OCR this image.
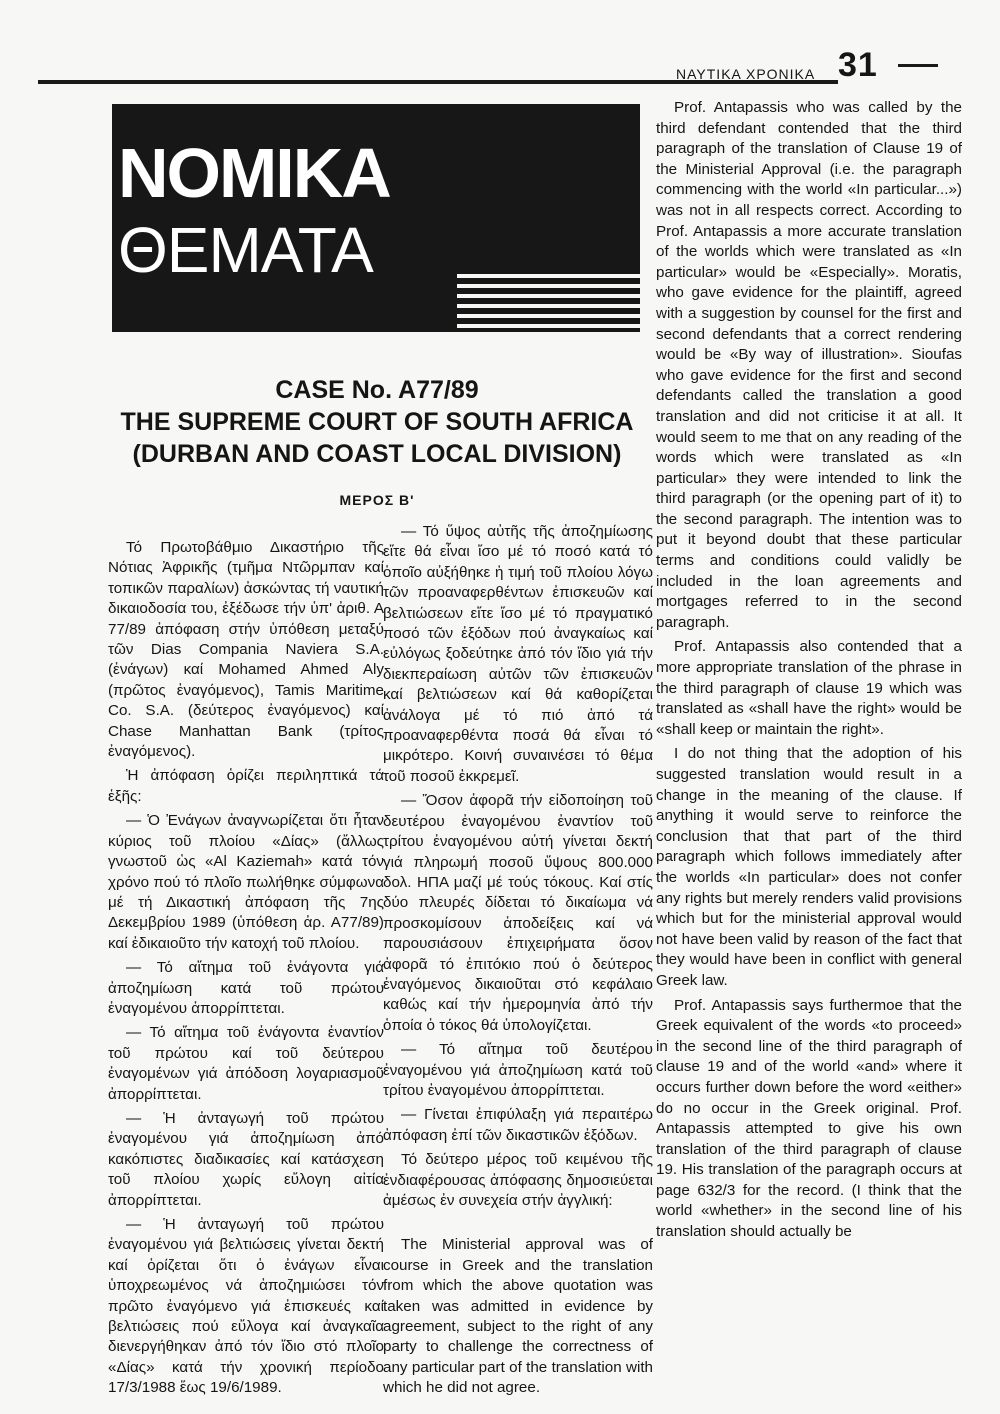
ΝΑΥΤΙΚΑ ΧΡΟΝΙΚΑ 31
ΝΟΜΙΚΑ
ΘΕΜΑΤΑ
CASE No. A77/89
THE SUPREME COURT OF SOUTH AFRICA
(DURBAN AND COAST LOCAL DIVISION)
ΜΕΡΟΣ Β'

Τό Πρωτοβάθμιο Δικαστήριο τῆς Νότιας Ἀφρικῆς (τμῆμα Ντῶρμπαν καί τοπικῶν παραλίων) ἀσκώντας τή ναυτική δικαιοδοσία του, ἐξέδωσε τήν ὑπ' ἀριθ. Α 77/89 ἀπόφαση στήν ὑπόθεση μεταξύ τῶν Dias Compania Naviera S.A. (ἐνάγων) καί Mohamed Ahmed Aly (πρῶτος ἐναγόμενος), Tamis Maritime Co. S.A. (δεύτερος ἐναγόμενος) καί Chase Manhattan Bank (τρίτος ἐναγόμενος).

Ἡ ἀπόφαση ὁρίζει περιληπτικά τά ἑξῆς:

— Ὁ Ἐνάγων ἀναγνωρίζεται ὅτι ἦταν κύριος τοῦ πλοίου «Δίας» (ἄλλως γνωστοῦ ὡς «Al Kaziemah» κατά τόν χρόνο πού τό πλοῖο πωλήθηκε σύμφωνα μέ τή Δικαστική ἀπόφαση τῆς 7ης Δεκεμβρίου 1989 (ὑπόθεση ἀρ. Α77/89) καί ἐδικαιοῦτο τήν κατοχή τοῦ πλοίου.

— Τό αἴτημα τοῦ ἐνάγοντα γιά ἀποζημίωση κατά τοῦ πρώτου ἐναγομένου ἀπορρίπτεται.

— Τό αἴτημα τοῦ ἐνάγοντα ἐναντίον τοῦ πρώτου καί τοῦ δεύτερου ἐναγομένων γιά ἀπόδοση λογαριασμοῦ ἀπορρίπτεται.

— Ἡ ἀνταγωγή τοῦ πρώτου ἐναγομένου γιά ἀποζημίωση ἀπό κακόπιστες διαδικασίες καί κατάσχεση τοῦ πλοίου χωρίς εὔλογη αἰτία ἀπορρίπτεται.

— Ἡ ἀνταγωγή τοῦ πρώτου ἐναγομένου γιά βελτιώσεις γίνεται δεκτή καί ὁρίζεται ὅτι ὁ ἐνάγων εἶναι ὑποχρεωμένος νά ἀποζημιώσει τόν πρῶτο ἐναγόμενο γιά ἐπισκευές καί βελτιώσεις πού εὔλογα καί ἀναγκαῖα διενεργήθηκαν ἀπό τόν ἴδιο στό πλοῖο «Δίας» κατά τήν χρονική περίοδο 17/3/1988 ἕως 19/6/1989.

— Τό ὕψος αὐτῆς τῆς ἀποζημίωσης εἴτε θά εἶναι ἴσο μέ τό ποσό κατά τό ὁποῖο αὐξήθηκε ἡ τιμή τοῦ πλοίου λόγω τῶν προαναφερθέντων ἐπισκευῶν καί βελτιώσεων εἴτε ἴσο μέ τό πραγματικό ποσό τῶν ἐξόδων πού ἀναγκαίως καί εὐλόγως ξοδεύτηκε ἀπό τόν ἴδιο γιά τήν διεκπεραίωση αὐτῶν τῶν ἐπισκευῶν καί βελτιώσεων καί θά καθορίζεται ἀνάλογα μέ τό πιό ἀπό τά προαναφερθέντα ποσά θά εἶναι τό μικρότερο. Κοινή συναινέσει τό θέμα τοῦ ποσοῦ ἐκκρεμεῖ.

— Ὅσον ἀφορᾶ τήν εἰδοποίηση τοῦ δευτέρου ἐναγομένου ἐναντίον τοῦ τρίτου ἐναγομένου αὐτή γίνεται δεκτή γιά πληρωμή ποσοῦ ὕψους 800.000 δολ. ΗΠΑ μαζί μέ τούς τόκους. Καί στίς δύο πλευρές δίδεται τό δικαίωμα νά προσκομίσουν ἀποδείξεις καί νά παρουσιάσουν ἐπιχειρήματα ὅσον ἀφορᾶ τό ἐπιτόκιο πού ὁ δεύτερος ἐναγόμενος δικαιοῦται στό κεφάλαιο καθώς καί τήν ἡμερομηνία ἀπό τήν ὁποία ὁ τόκος θά ὑπολογίζεται.

— Τό αἴτημα τοῦ δευτέρου ἐναγομένου γιά ἀποζημίωση κατά τοῦ τρίτου ἐναγομένου ἀπορρίπτεται.

— Γίνεται ἐπιφύλαξη γιά περαιτέρω ἀπόφαση ἐπί τῶν δικαστικῶν ἐξόδων.

Τό δεύτερο μέρος τοῦ κειμένου τῆς ἐνδιαφέρουσας ἀπόφασης δημοσιεύεται ἀμέσως ἐν συνεχεία στήν ἀγγλική:

The Ministerial approval was of course in Greek and the translation from which the above quotation was taken was admitted in evidence by agreement, subject to the right of any party to challenge the correctness of any particular part of the translation with which he did not agree.

Prof. Antapassis who was called by the third defendant contended that the third paragraph of the translation of Clause 19 of the Ministerial Approval (i.e. the paragraph commencing with the world «In particular...») was not in all respects correct. According to Prof. Antapassis a more accurate translation of the worlds which were translated as «In particular» would be «Especially». Moratis, who gave evidence for the plaintiff, agreed with a suggestion by counsel for the first and second defendants that a correct rendering would be «By way of illustration». Sioufas who gave evidence for the first and second defendants called the translation a good translation and did not criticise it at all. It would seem to me that on any reading of the words which were translated as «In particular» they were intended to link the third paragraph (or the opening part of it) to the second paragraph. The intention was to put it beyond doubt that these particular terms and conditions could validly be included in the loan agreements and mortgages referred to in the second paragraph.

Prof. Antapassis also contended that a more appropriate translation of the phrase in the third paragraph of clause 19 which was translated as «shall have the right» would be «shall keep or maintain the right».

I do not thing that the adoption of his suggested translation would result in a change in the meaning of the clause. If anything it would serve to reinforce the conclusion that that part of the third paragraph which follows immediately after the worlds «In particular» does not confer any rights but merely renders valid provisions which but for the ministerial approval would not have been valid by reason of the fact that they would have been in conflict with general Greek law.

Prof. Antapassis says furthermoe that the Greek equivalent of the words «to proceed» in the second line of the third paragraph of clause 19 and of the world «and» where it occurs further down before the word «either» do no occur in the Greek original. Prof. Antapassis attempted to give his own translation of the third paragraph of clause 19. His translation of the paragraph occurs at page 632/3 for the record. (I think that the world «whether» in the second line of his translation should actually be
